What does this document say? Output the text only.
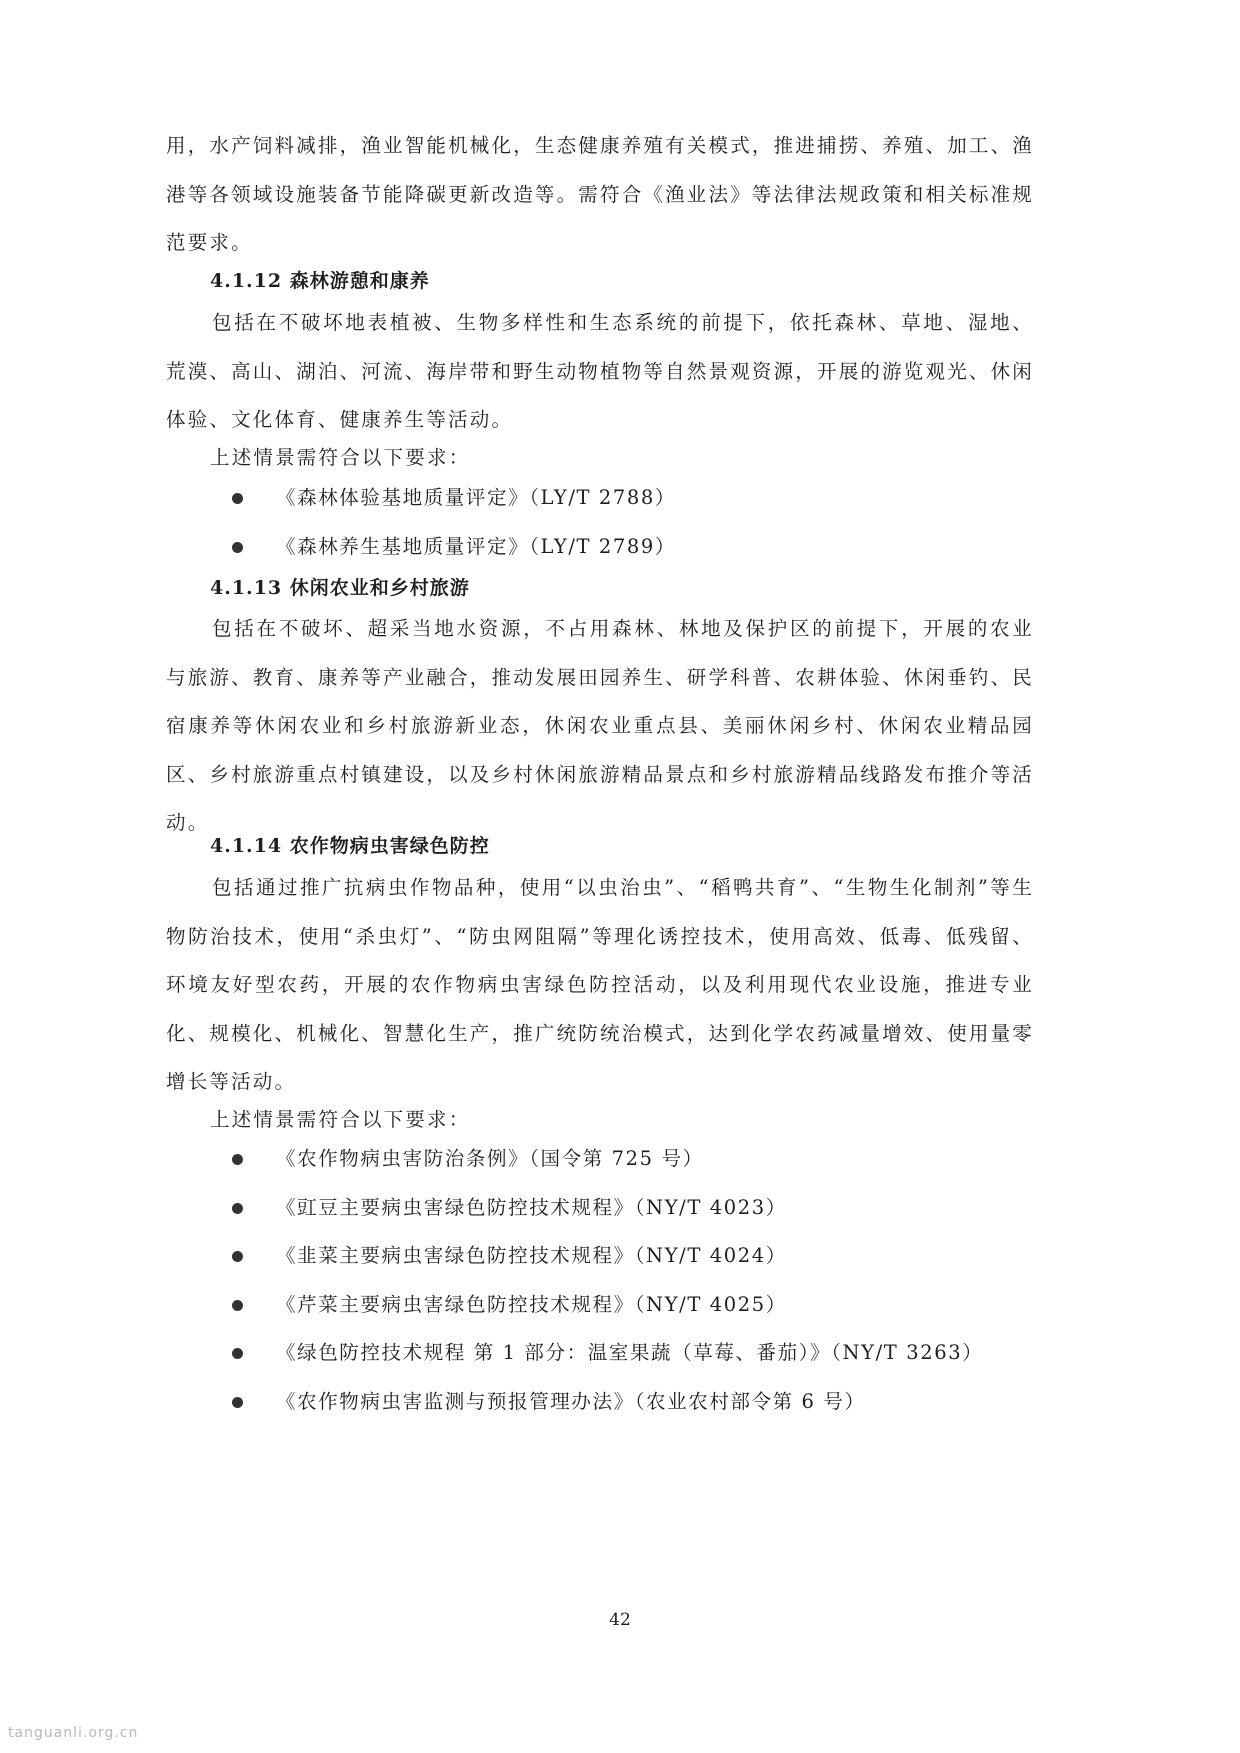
用，水产饲料减排，渔业智能机械化，生态健康养殖有关模式，推进捕捞、养殖、加工、渔港等各领域设施装备节能降碳更新改造等。需符合《渔业法》等法律法规政策和相关标准规范要求。

4.1.12 森林游憩和康养

包括在不破坏地表植被、生物多样性和生态系统的前提下，依托森林、草地、湿地、荒漠、高山、湖泊、河流、海岸带和野生动物植物等自然景观资源，开展的游览观光、休闲体验、文化体育、健康养生等活动。

上述情景需符合以下要求：

《森林体验基地质量评定》（LY/T 2788）
《森林养生基地质量评定》（LY/T 2789）
4.1.13 休闲农业和乡村旅游

包括在不破坏、超采当地水资源，不占用森林、林地及保护区的前提下，开展的农业与旅游、教育、康养等产业融合，推动发展田园养生、研学科普、农耕体验、休闲垂钓、民宿康养等休闲农业和乡村旅游新业态，休闲农业重点县、美丽休闲乡村、休闲农业精品园区、乡村旅游重点村镇建设，以及乡村休闲旅游精品景点和乡村旅游精品线路发布推介等活动。

4.1.14 农作物病虫害绿色防控

包括通过推广抗病虫作物品种，使用“以虫治虫”、“稻鸭共育”、“生物生化制剂”等生物防治技术，使用“杀虫灯”、“防虫网阻隔”等理化诱控技术，使用高效、低毒、低残留、环境友好型农药，开展的农作物病虫害绿色防控活动，以及利用现代农业设施，推进专业化、规模化、机械化、智慧化生产，推广统防统治模式，达到化学农药减量增效、使用量零增长等活动。

上述情景需符合以下要求：

《农作物病虫害防治条例》（国令第 725 号）
《豇豆主要病虫害绿色防控技术规程》（NY/T 4023）
《韭菜主要病虫害绿色防控技术规程》（NY/T 4024）
《芹菜主要病虫害绿色防控技术规程》（NY/T 4025）
《绿色防控技术规程 第 1 部分：温室果蔬（草莓、番茄）》（NY/T 3263）
《农作物病虫害监测与预报管理办法》（农业农村部令第 6 号）

42

tanguanli.org.cn
